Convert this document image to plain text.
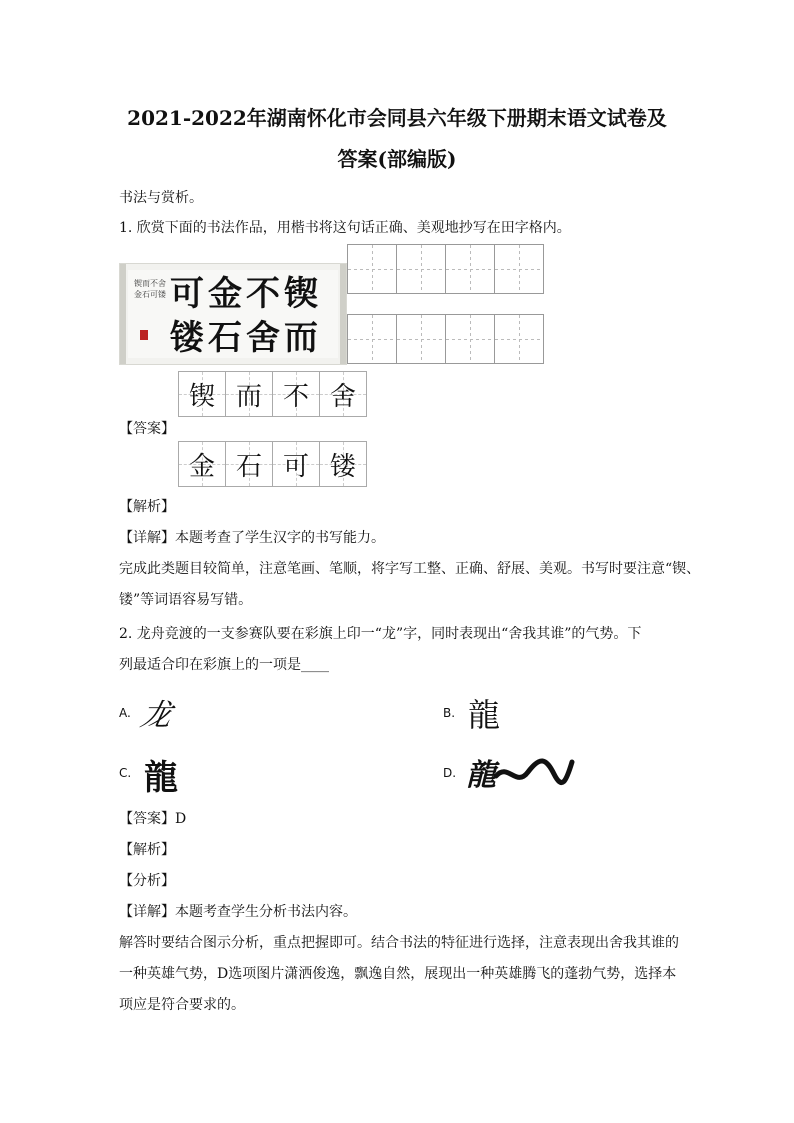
2021-2022年湖南怀化市会同县六年级下册期末语文试卷及
答案(部编版)
书法与赏析。
1. 欣赏下面的书法作品，用楷书将这句话正确、美观地抄写在田字格内。
锲而不舍 金石可镂 可金不锲
镂石舍而
锲 而 不 舍
【答案】
金 石 可 镂
【解析】
【详解】本题考查了学生汉字的书写能力。
完成此类题目较简单，注意笔画、笔顺，将字写工整、正确、舒展、美观。书写时要注意“锲、
镂”等词语容易写错。
2. 龙舟竞渡的一支参赛队要在彩旗上印一“龙”字，同时表现出“舍我其谁”的气势。下
列最适合印在彩旗上的一项是____
A. 龙	B. 龍
C. 龍	D. 龍
【答案】D
【解析】
【分析】
【详解】本题考查学生分析书法内容。
解答时要结合图示分析，重点把握即可。结合书法的特征进行选择，注意表现出舍我其谁的
一种英雄气势，D选项图片潇洒俊逸，飘逸自然，展现出一种英雄腾飞的蓬勃气势，选择本
项应是符合要求的。
